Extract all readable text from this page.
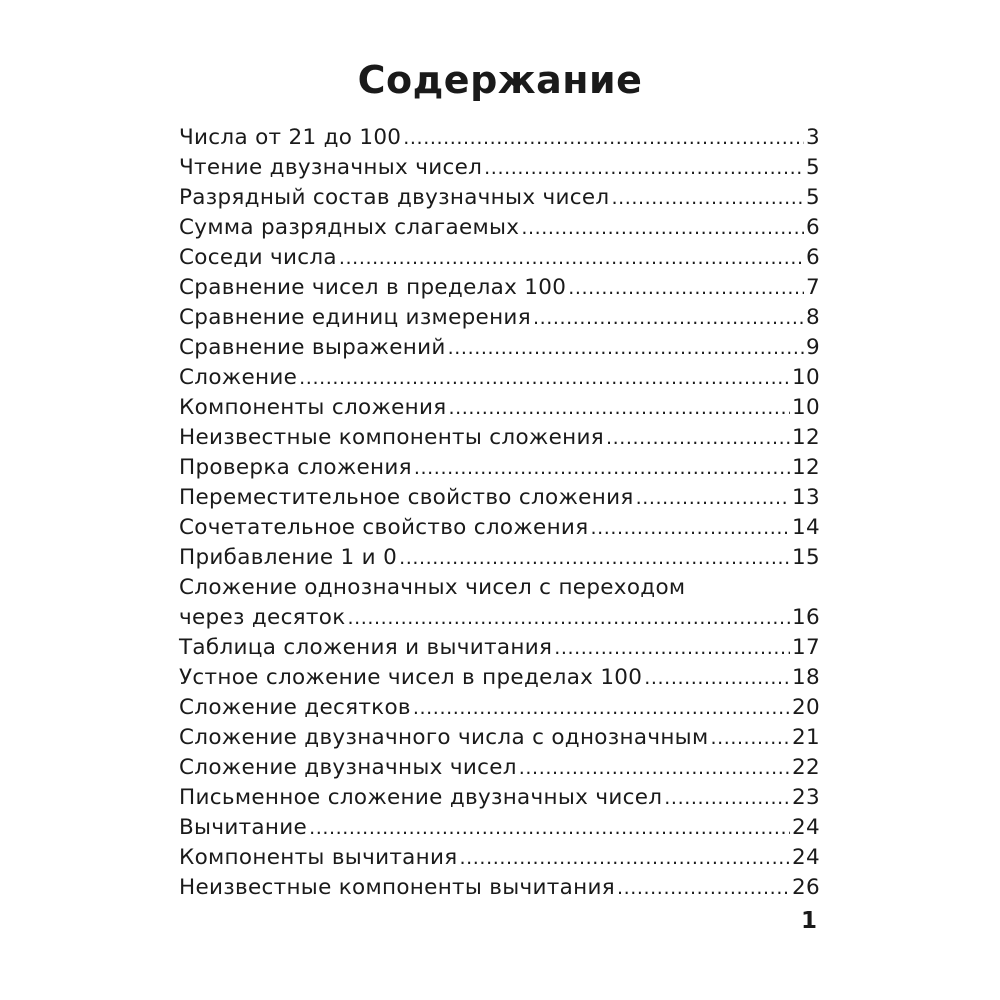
Содержание
Числа от 21 до 100 .....	3
Чтение двузначных чисел .....	5
Разрядный состав двузначных чисел .....	5
Сумма разрядных слагаемых .....	6
Соседи числа .....	6
Сравнение чисел в пределах 100 .....	7
Сравнение единиц измерения .....	8
Сравнение выражений .....	9
Сложение .....	10
Компоненты сложения .....	10
Неизвестные компоненты сложения .....	12
Проверка сложения .....	12
Переместительное свойство сложения .....	13
Сочетательное свойство сложения .....	14
Прибавление 1 и 0 .....	15
Сложение однозначных чисел с переходом
через десяток .....	16
Таблица сложения и вычитания .....	17
Устное сложение чисел в пределах 100 .....	18
Сложение десятков .....	20
Сложение двузначного числа с однозначным .....	21
Сложение двузначных чисел .....	22
Письменное сложение двузначных чисел .....	23
Вычитание .....	24
Компоненты вычитания .....	24
Неизвестные компоненты вычитания .....	26
1
